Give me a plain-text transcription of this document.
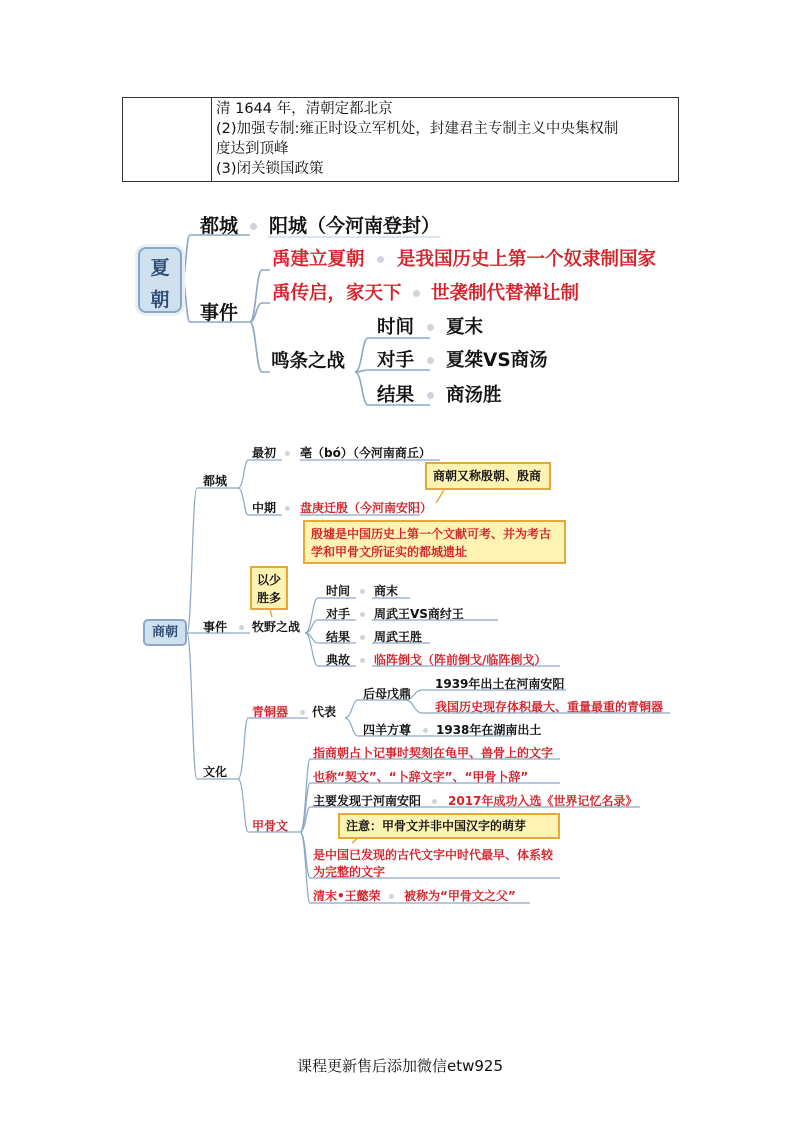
清 1644 年，清朝定都北京
(2)加强专制:雍正时设立军机处，封建君主专制主义中央集权制
度达到顶峰
(3)闭关锁国政策
夏
朝
都城 阳城（今河南登封）
事件
禹建立夏朝 是我国历史上第一个奴隶制国家
禹传启，家天下 世袭制代替禅让制
鸣条之战
时间 夏末
对手 夏桀VS商汤
结果 商汤胜
商朝
都城
最初 亳（bó）（今河南商丘）
中期 盘庚迁殷（今河南安阳）
商朝又称殷朝、殷商
殷墟是中国历史上第一个文献可考、并为考古
学和甲骨文所证实的都城遗址
以少
胜多
事件 牧野之战
时间 商末
对手 周武王VS商纣王
结果 周武王胜
典故 临阵倒戈（阵前倒戈/临阵倒戈）
文化
青铜器 代表
后母戊鼎
1939年出土在河南安阳
我国历史现存体积最大、重量最重的青铜器
四羊方尊 1938年在湖南出土
甲骨文
指商朝占卜记事时契刻在龟甲、兽骨上的文字
也称“契文”、“卜辞文字”、“甲骨卜辞”
主要发现于河南安阳 2017年成功入选《世界记忆名录》
注意：甲骨文并非中国汉字的萌芽
是中国已发现的古代文字中时代最早、体系较
为完整的文字
清末•王懿荣 被称为“甲骨文之父”
课程更新售后添加微信etw925
